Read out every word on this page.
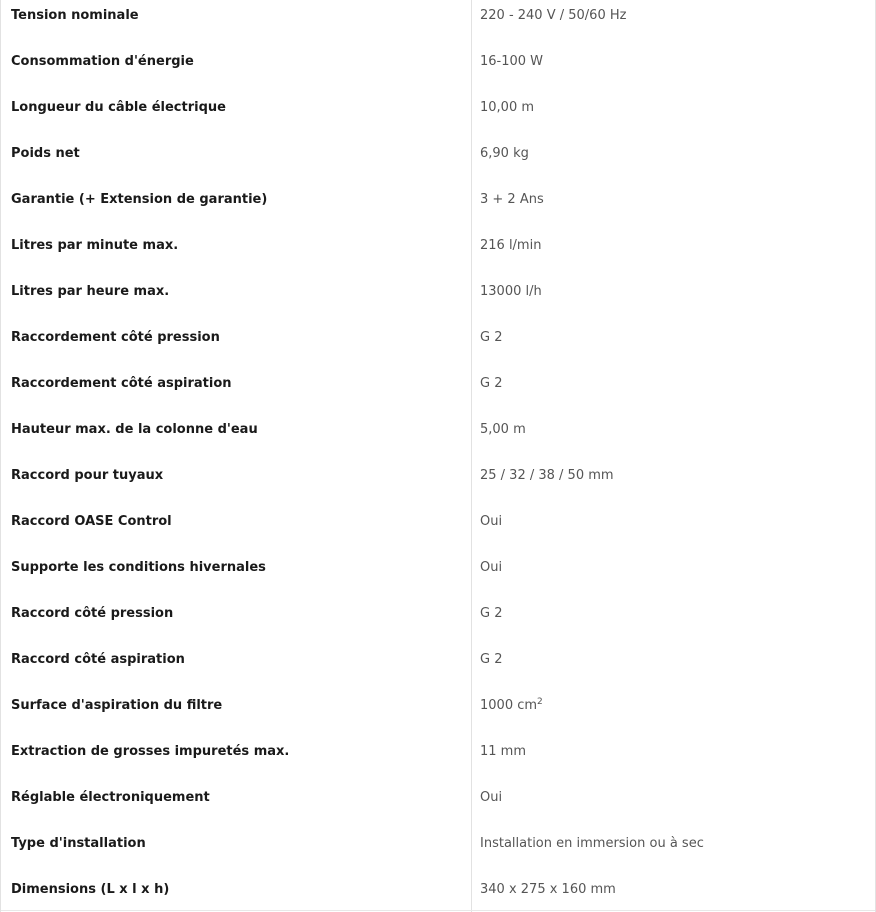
Tension nominale	220 - 240 V / 50/60 Hz
Consommation d'énergie	16-100 W
Longueur du câble électrique	10,00 m
Poids net	6,90 kg
Garantie (+ Extension de garantie)	3 + 2 Ans
Litres par minute max.	216 l/min
Litres par heure max.	13000 l/h
Raccordement côté pression	G 2
Raccordement côté aspiration	G 2
Hauteur max. de la colonne d'eau	5,00 m
Raccord pour tuyaux	25 / 32 / 38 / 50 mm
Raccord OASE Control	Oui
Supporte les conditions hivernales	Oui
Raccord côté pression	G 2
Raccord côté aspiration	G 2
Surface d'aspiration du filtre	1000 $cm^2$
Extraction de grosses impuretés max.	11 mm
Réglable électroniquement	Oui
Type d'installation	Installation en immersion ou à sec
Dimensions (L x l x h)	340 x 275 x 160 mm
